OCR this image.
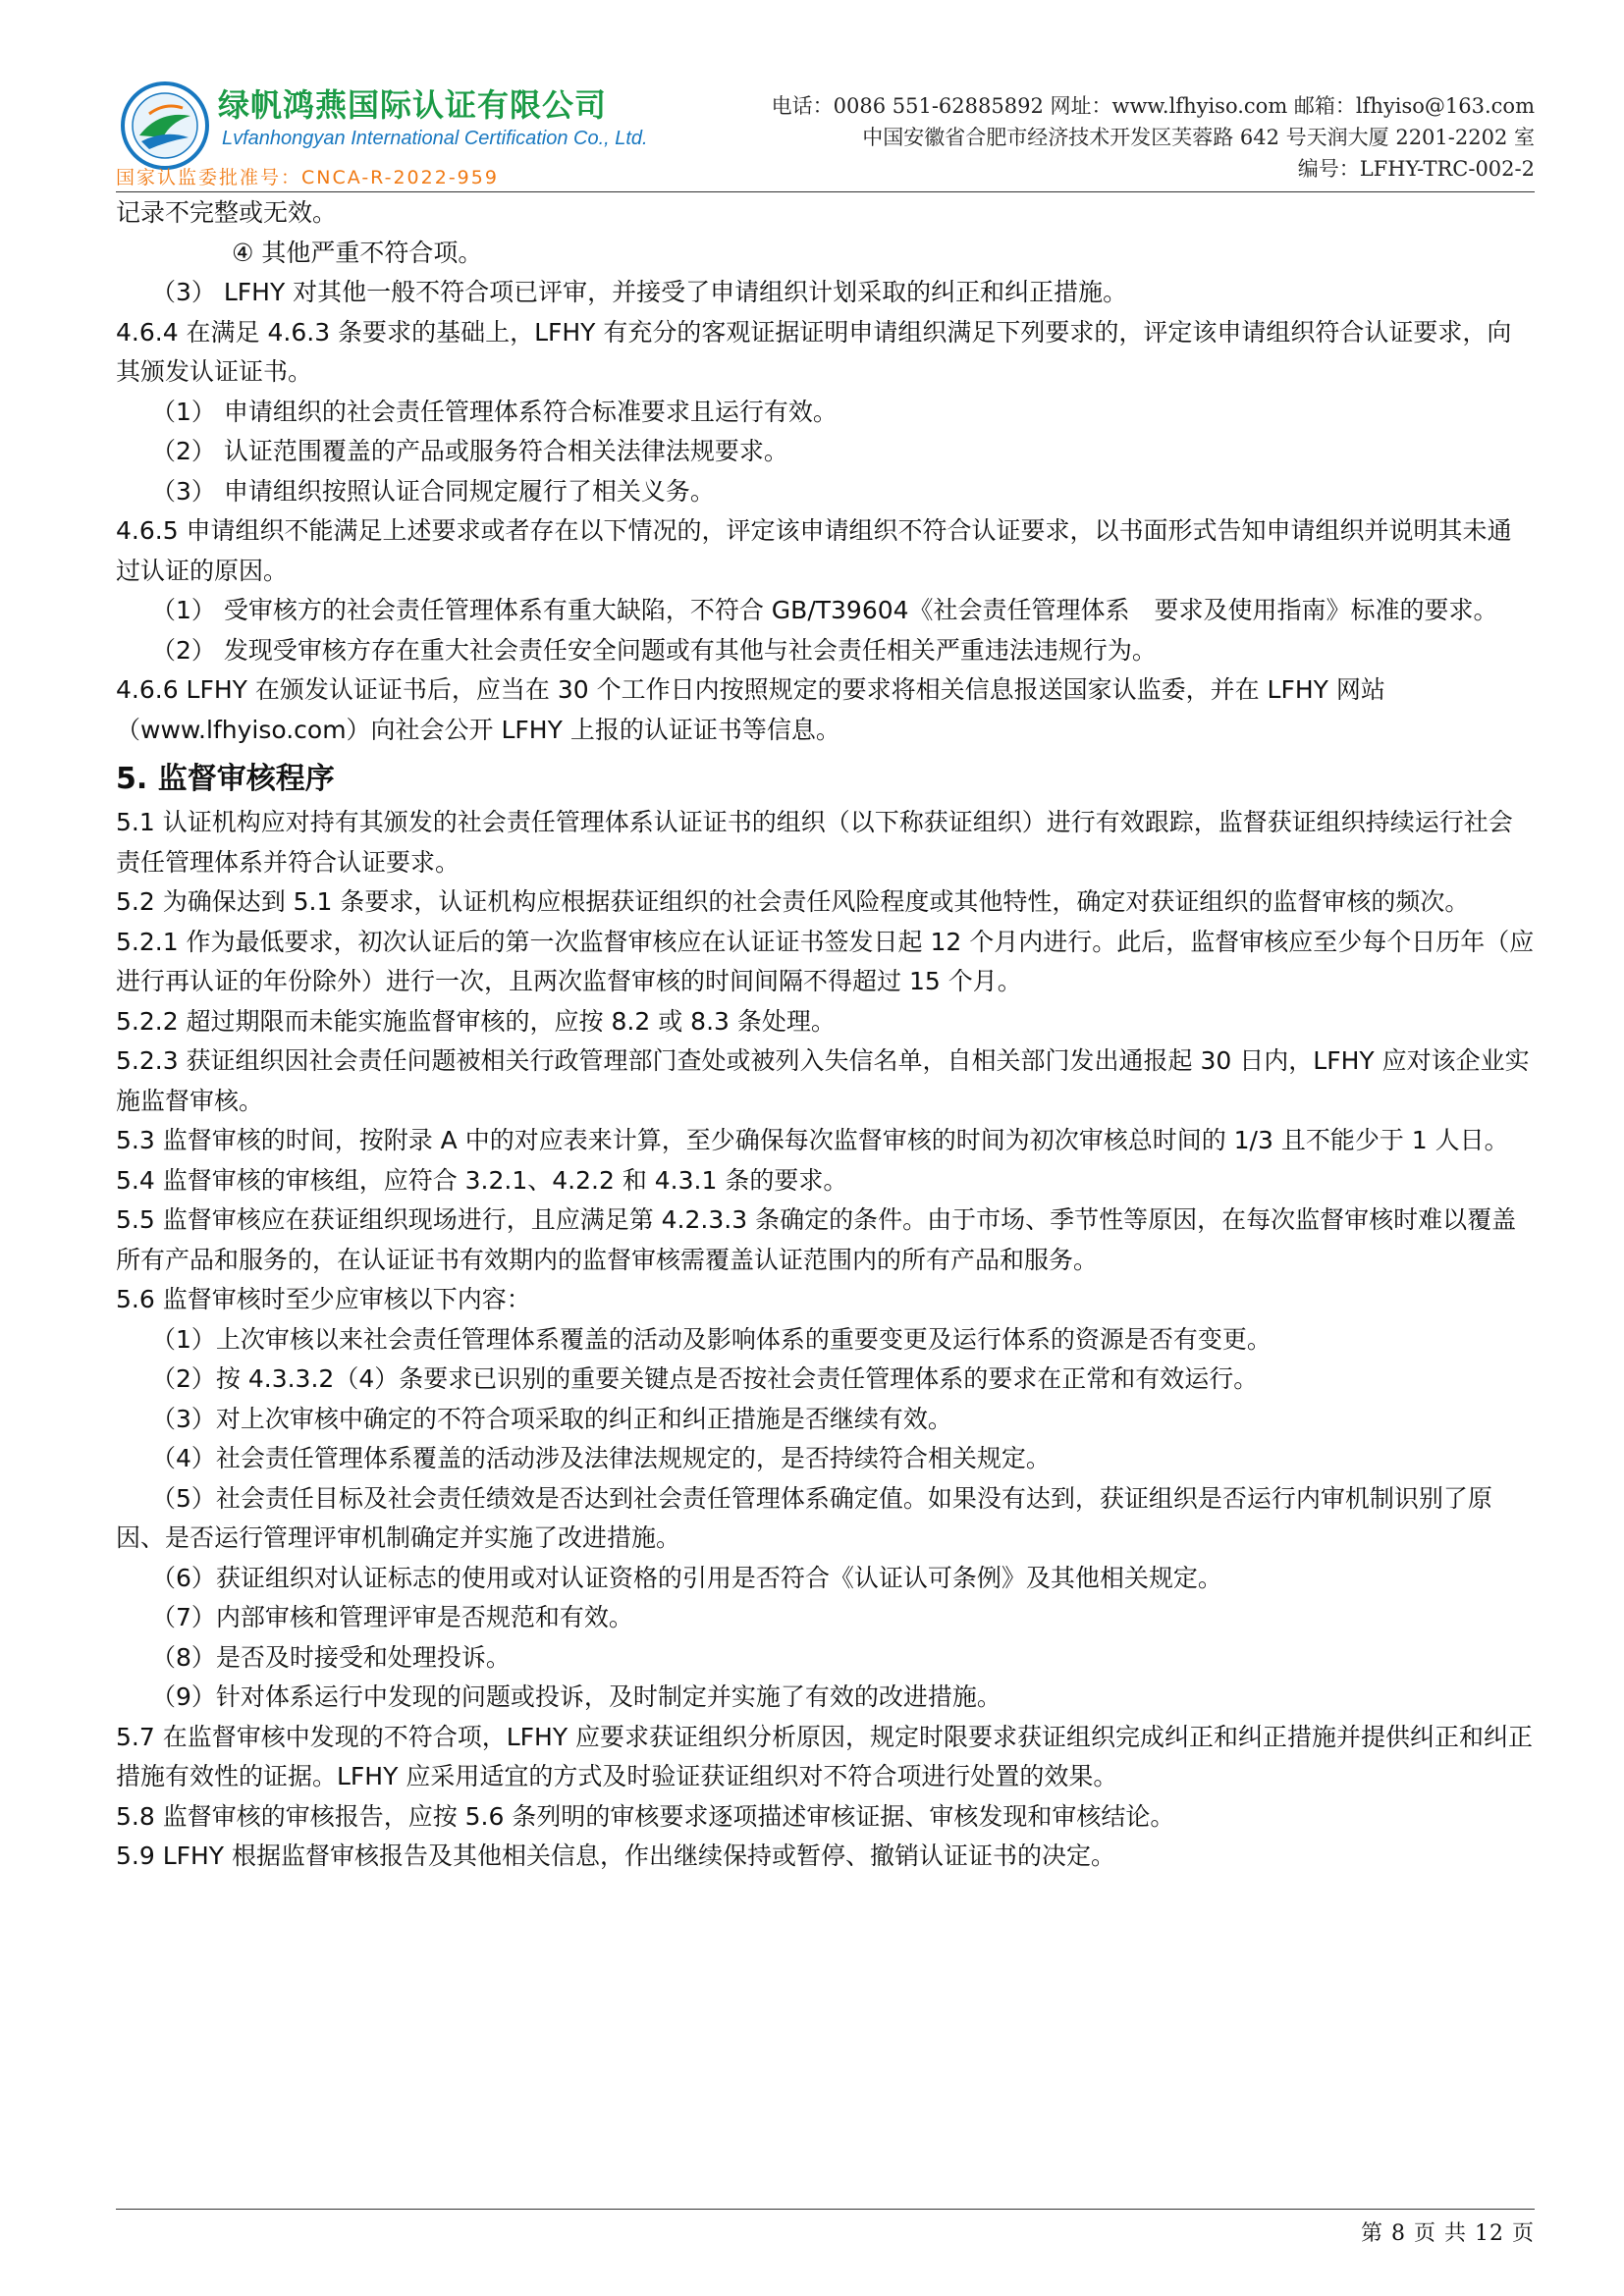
绿帆鸿燕国际认证有限公司
Lvfanhongyan International Certification Co., Ltd.
国家认监委批准号：CNCA-R-2022-959
电话：0086 551-62885892 网址：www.lfhyiso.com 邮箱：lfhyiso@163.com
中国安徽省合肥市经济技术开发区芙蓉路 642 号天润大厦 2201-2202 室
编号：LFHY-TRC-002-2

记录不完整或无效。

④ 其他严重不符合项。

（3） LFHY 对其他一般不符合项已评审，并接受了申请组织计划采取的纠正和纠正措施。

4.6.4 在满足 4.6.3 条要求的基础上，LFHY 有充分的客观证据证明申请组织满足下列要求的，评定该申请组织符合认证要求，向其颁发认证证书。

（1） 申请组织的社会责任管理体系符合标准要求且运行有效。

（2） 认证范围覆盖的产品或服务符合相关法律法规要求。

（3） 申请组织按照认证合同规定履行了相关义务。

4.6.5 申请组织不能满足上述要求或者存在以下情况的，评定该申请组织不符合认证要求，以书面形式告知申请组织并说明其未通过认证的原因。

（1） 受审核方的社会责任管理体系有重大缺陷，不符合 GB/T39604《社会责任管理体系　要求及使用指南》标准的要求。

（2） 发现受审核方存在重大社会责任安全问题或有其他与社会责任相关严重违法违规行为。

4.6.6 LFHY 在颁发认证证书后，应当在 30 个工作日内按照规定的要求将相关信息报送国家认监委，并在 LFHY 网站（www.lfhyiso.com）向社会公开 LFHY 上报的认证证书等信息。

5. 监督审核程序

5.1 认证机构应对持有其颁发的社会责任管理体系认证证书的组织（以下称获证组织）进行有效跟踪，监督获证组织持续运行社会责任管理体系并符合认证要求。

5.2 为确保达到 5.1 条要求，认证机构应根据获证组织的社会责任风险程度或其他特性，确定对获证组织的监督审核的频次。

5.2.1 作为最低要求，初次认证后的第一次监督审核应在认证证书签发日起 12 个月内进行。此后，监督审核应至少每个日历年（应进行再认证的年份除外）进行一次，且两次监督审核的时间间隔不得超过 15 个月。

5.2.2 超过期限而未能实施监督审核的，应按 8.2 或 8.3 条处理。

5.2.3 获证组织因社会责任问题被相关行政管理部门查处或被列入失信名单，自相关部门发出通报起 30 日内，LFHY 应对该企业实施监督审核。

5.3 监督审核的时间，按附录 A 中的对应表来计算，至少确保每次监督审核的时间为初次审核总时间的 1/3 且不能少于 1 人日。

5.4 监督审核的审核组，应符合 3.2.1、4.2.2 和 4.3.1 条的要求。

5.5 监督审核应在获证组织现场进行，且应满足第 4.2.3.3 条确定的条件。由于市场、季节性等原因，在每次监督审核时难以覆盖所有产品和服务的，在认证证书有效期内的监督审核需覆盖认证范围内的所有产品和服务。

5.6 监督审核时至少应审核以下内容：

（1）上次审核以来社会责任管理体系覆盖的活动及影响体系的重要变更及运行体系的资源是否有变更。

（2）按 4.3.3.2（4）条要求已识别的重要关键点是否按社会责任管理体系的要求在正常和有效运行。

（3）对上次审核中确定的不符合项采取的纠正和纠正措施是否继续有效。

（4）社会责任管理体系覆盖的活动涉及法律法规规定的，是否持续符合相关规定。

（5）社会责任目标及社会责任绩效是否达到社会责任管理体系确定值。如果没有达到，获证组织是否运行内审机制识别了原因、是否运行管理评审机制确定并实施了改进措施。

（6）获证组织对认证标志的使用或对认证资格的引用是否符合《认证认可条例》及其他相关规定。

（7）内部审核和管理评审是否规范和有效。

（8）是否及时接受和处理投诉。

（9）针对体系运行中发现的问题或投诉，及时制定并实施了有效的改进措施。

5.7 在监督审核中发现的不符合项，LFHY 应要求获证组织分析原因，规定时限要求获证组织完成纠正和纠正措施并提供纠正和纠正措施有效性的证据。LFHY 应采用适宜的方式及时验证获证组织对不符合项进行处置的效果。

5.8 监督审核的审核报告，应按 5.6 条列明的审核要求逐项描述审核证据、审核发现和审核结论。

5.9 LFHY 根据监督审核报告及其他相关信息，作出继续保持或暂停、撤销认证证书的决定。

第 8 页 共 12 页
